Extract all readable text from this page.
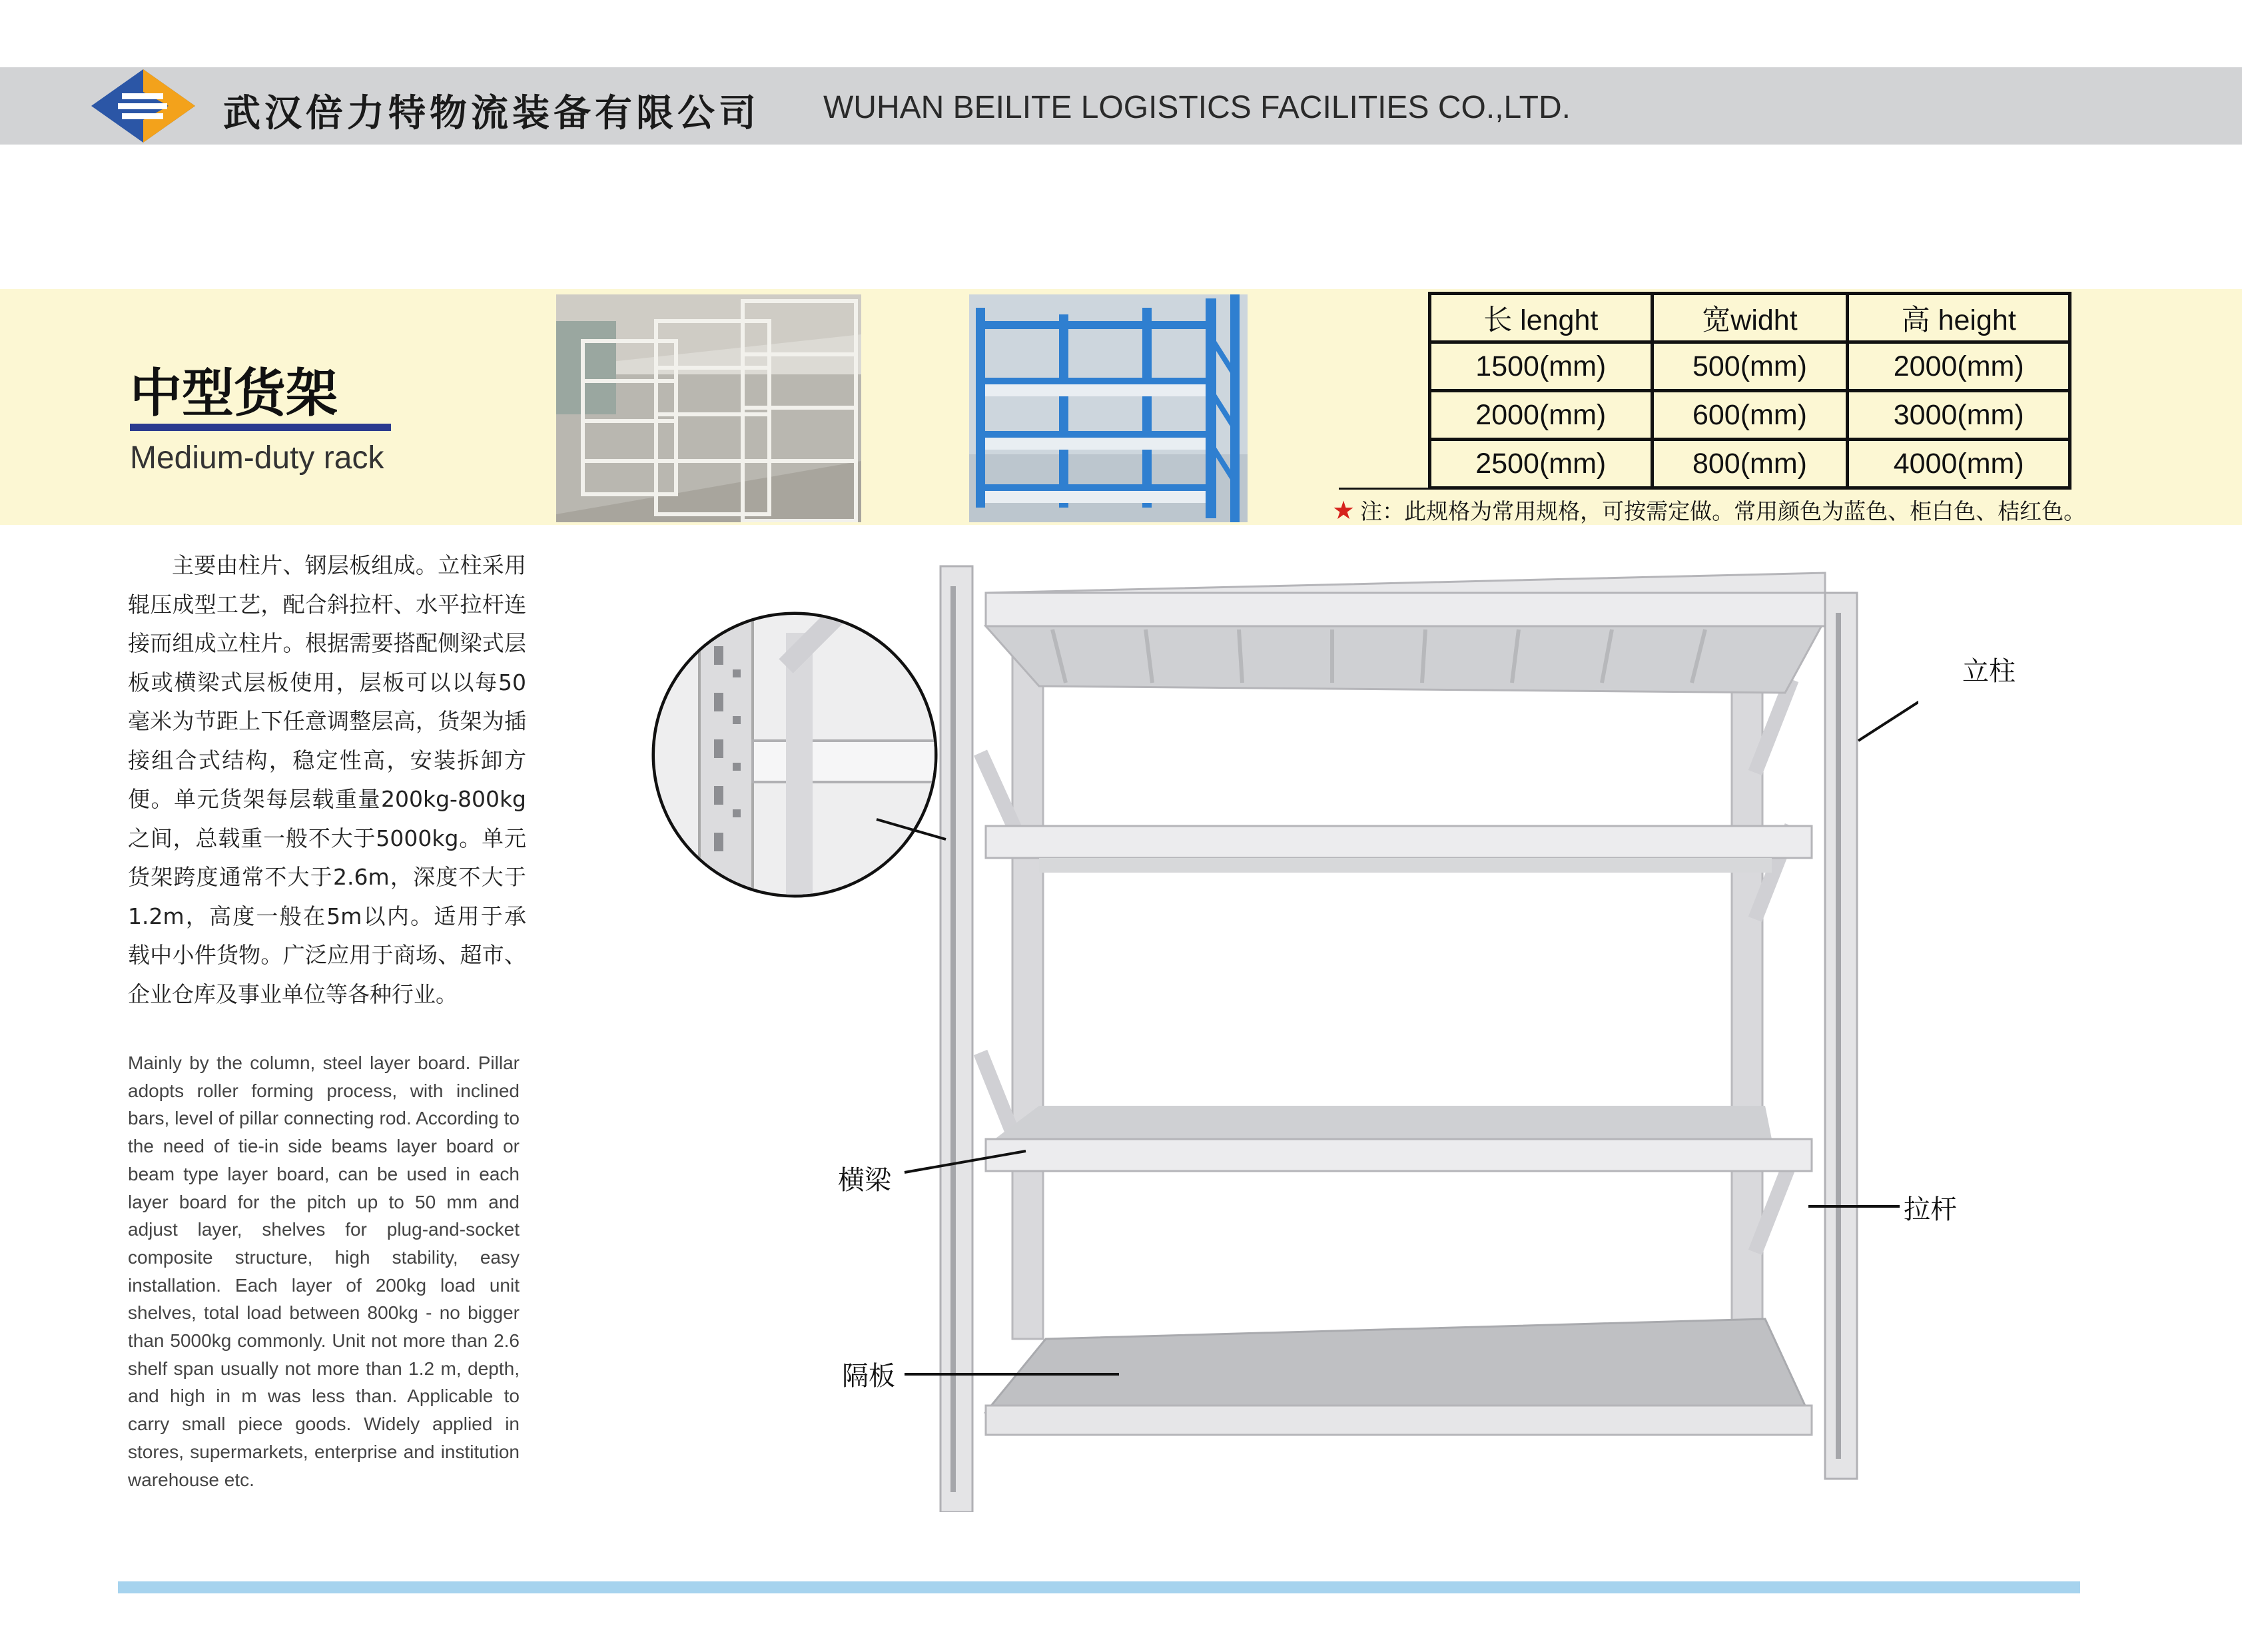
武汉倍力特物流装备有限公司 WUHAN BEILITE LOGISTICS FACILITIES CO.,LTD.
中型货架
Medium-duty rack
长 lenght	宽widht	高 height
1500(mm)	500(mm)	2000(mm)
2000(mm)	600(mm)	3000(mm)
2500(mm)	800(mm)	4000(mm)
★ 注：此规格为常用规格，可按需定做。常用颜色为蓝色、柜白色、桔红色。
主要由柱片、钢层板组成。立柱采用辊压成型工艺，配合斜拉杆、水平拉杆连接而组成立柱片。根据需要搭配侧梁式层板或横梁式层板使用，层板可以以每50毫米为节距上下任意调整层高，货架为插接组合式结构，稳定性高，安装拆卸方便。单元货架每层载重量200kg-800kg之间，总载重一般不大于5000kg。单元货架跨度通常不大于2.6m，深度不大于1.2m，高度一般在5m以内。适用于承载中小件货物。广泛应用于商场、超市、企业仓库及事业单位等各种行业。
Mainly by the column, steel layer board. Pillar adopts roller forming process, with inclined bars, level of pillar connecting rod. According to the need of tie-in side beams layer board or beam type layer board, can be used in each layer board for the pitch up to 50 mm and adjust layer, shelves for plug-and-socket composite structure, high stability, easy installation. Each layer of 200kg load unit shelves, total load between 800kg - no bigger than 5000kg commonly. Unit not more than 2.6 shelf span usually not more than 1.2 m, depth, and high in m was less than. Applicable to carry small piece goods. Widely applied in stores, supermarkets, enterprise and institution warehouse etc.
立柱
横梁
拉杆
隔板
